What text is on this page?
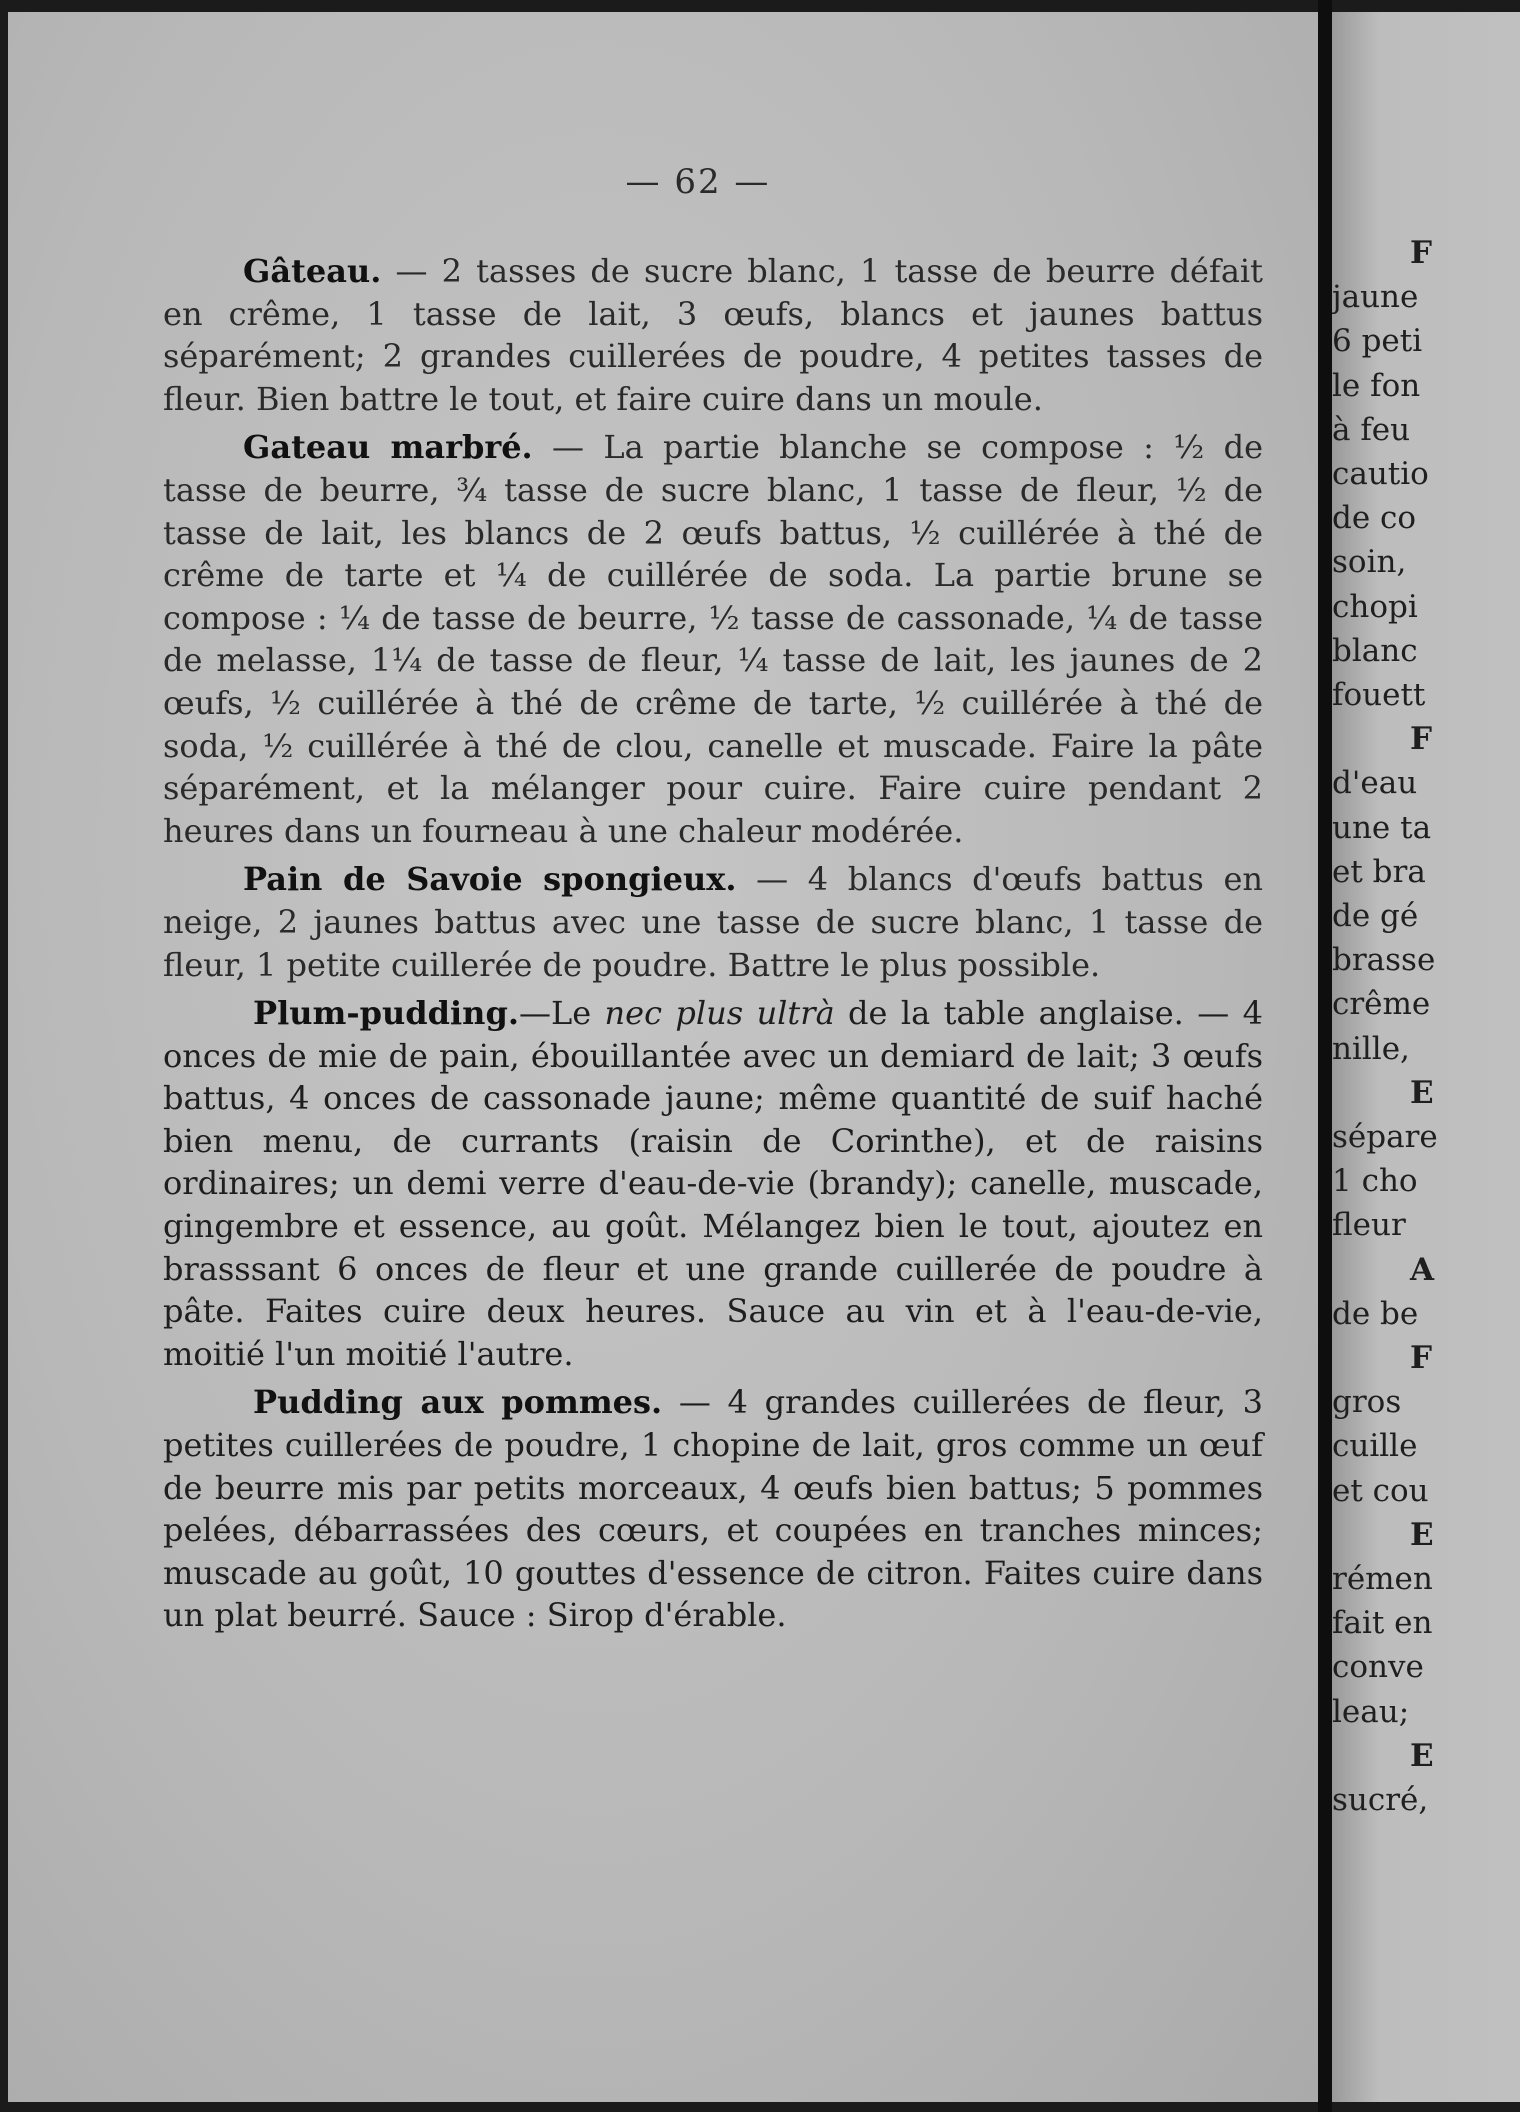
— 62 —

Gâteau. — 2 tasses de sucre blanc, 1 tasse de beurre défait en crême, 1 tasse de lait, 3 œufs, blancs et jaunes battus séparément; 2 grandes cuillerées de poudre, 4 petites tasses de fleur. Bien battre le tout, et faire cuire dans un moule.

Gateau marbré. — La partie blanche se compose : ½ de tasse de beurre, ¾ tasse de sucre blanc, 1 tasse de fleur, ½ de tasse de lait, les blancs de 2 œufs battus, ½ cuillérée à thé de crême de tarte et ¼ de cuillérée de soda. La partie brune se compose : ¼ de tasse de beurre, ½ tasse de cassonade, ¼ de tasse de melasse, 1¼ de tasse de fleur, ¼ tasse de lait, les jaunes de 2 œufs, ½ cuillérée à thé de crême de tarte, ½ cuillérée à thé de soda, ½ cuillérée à thé de clou, canelle et muscade. Faire la pâte séparément, et la mélanger pour cuire. Faire cuire pendant 2 heures dans un fourneau à une chaleur modérée.

Pain de Savoie spongieux. — 4 blancs d'œufs battus en neige, 2 jaunes battus avec une tasse de sucre blanc, 1 tasse de fleur, 1 petite cuillerée de poudre. Battre le plus possible.

Plum-pudding.—Le nec plus ultrà de la table anglaise. — 4 onces de mie de pain, ébouillantée avec un demiard de lait; 3 œufs battus, 4 onces de cassonade jaune; même quantité de suif haché bien menu, de currants (raisin de Corinthe), et de raisins ordinaires; un demi verre d'eau-de-vie (brandy); canelle, muscade, gingembre et essence, au goût. Mélangez bien le tout, ajoutez en brasssant 6 onces de fleur et une grande cuillerée de poudre à pâte. Faites cuire deux heures. Sauce au vin et à l'eau-de-vie, moitié l'un moitié l'autre.

Pudding aux pommes. — 4 grandes cuillerées de fleur, 3 petites cuillerées de poudre, 1 chopine de lait, gros comme un œuf de beurre mis par petits morceaux, 4 œufs bien battus; 5 pommes pelées, débarrassées des cœurs, et coupées en tranches minces; muscade au goût, 10 gouttes d'essence de citron. Faites cuire dans un plat beurré. Sauce : Sirop d'érable.

F
jaune
6 peti
le fon
à feu
cautio
de co
soin,
chopi
blanc
fouett
F
d'eau
une ta
et bra
de gé
brasse
crême
nille,
E
sépare
1 cho
fleur
A
de be
F
gros
cuille
et cou
E
rémen
fait en
conve
leau;
E
sucré,
